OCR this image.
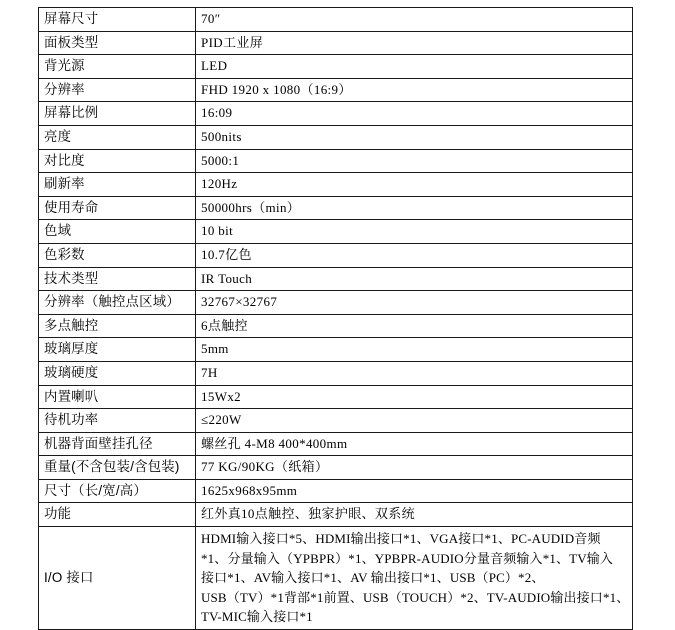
屏幕尺寸	70″
面板类型	PID工业屏
背光源	LED
分辨率	FHD 1920 x 1080（16:9）
屏幕比例	16:09
亮度	500nits
对比度	5000:1
刷新率	120Hz
使用寿命	50000hrs（min）
色域	10 bit
色彩数	10.7亿色
技术类型	IR Touch
分辨率（触控点区域）	32767×32767
多点触控	6点触控
玻璃厚度	5mm
玻璃硬度	7H
内置喇叭	15Wx2
待机功率	≤220W
机器背面壁挂孔径	螺丝孔 4-M8 400*400mm
重量(不含包装/含包装)	77 KG/90KG（纸箱）
尺寸（长/宽/高）	1625x968x95mm
功能	红外真10点触控、独家护眼、双系统
I/O 接口	HDMI输入接口*5、HDMI输出接口*1、VGA接口*1、PC-AUDID音频
*1、分量输入（YPBPR）*1、YPBPR-AUDIO分量音频输入*1、TV输入
接口*1、AV输入接口*1、AV 输出接口*1、USB（PC）*2、
USB（TV）*1背部*1前置、USB（TOUCH）*2、TV-AUDIO输出接口*1、
TV-MIC输入接口*1
